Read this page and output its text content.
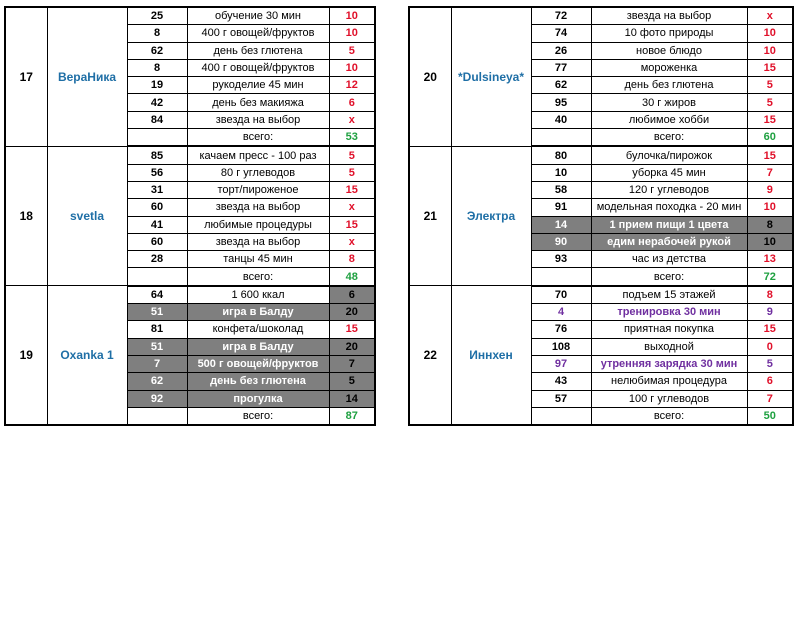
17	ВераНика	25	обучение 30 мин	10
		8	400 г овощей/фруктов	10
		62	день без глютена	5
		8	400 г овощей/фруктов	10
		19	рукоделие 45 мин	12
		42	день без макияжа	6
		84	звезда на выбор	x
			всего:	53
18	svetla	85	качаем пресс - 100 раз	5
		56	80 г углеводов	5
		31	торт/пироженое	15
		60	звезда на выбор	x
		41	любимые процедуры	15
		60	звезда на выбор	x
		28	танцы 45 мин	8
			всего:	48
19	Oxanka 1	64	1 600 ккал	6
		51	игра в Балду	20
		81	конфета/шоколад	15
		51	игра в Балду	20
		7	500 г овощей/фруктов	7
		62	день без глютена	5
		92	прогулка	14
			всего:	87
20	*Dulsineya*	72	звезда на выбор	x
		74	10 фото природы	10
		26	новое блюдо	10
		77	мороженка	15
		62	день без глютена	5
		95	30 г жиров	5
		40	любимое хобби	15
			всего:	60
21	Электра	80	булочка/пирожок	15
		10	уборка 45 мин	7
		58	120 г углеводов	9
		91	модельная походка - 20 мин	10
		14	1 прием пищи 1 цвета	8
		90	едим нерабочей рукой	10
		93	час из детства	13
			всего:	72
22	Иннхен	70	подъем 15 этажей	8
		4	тренировка 30 мин	9
		76	приятная покупка	15
		108	выходной	0
		97	утренняя зарядка 30 мин	5
		43	нелюбимая процедура	6
		57	100 г углеводов	7
			всего:	50
